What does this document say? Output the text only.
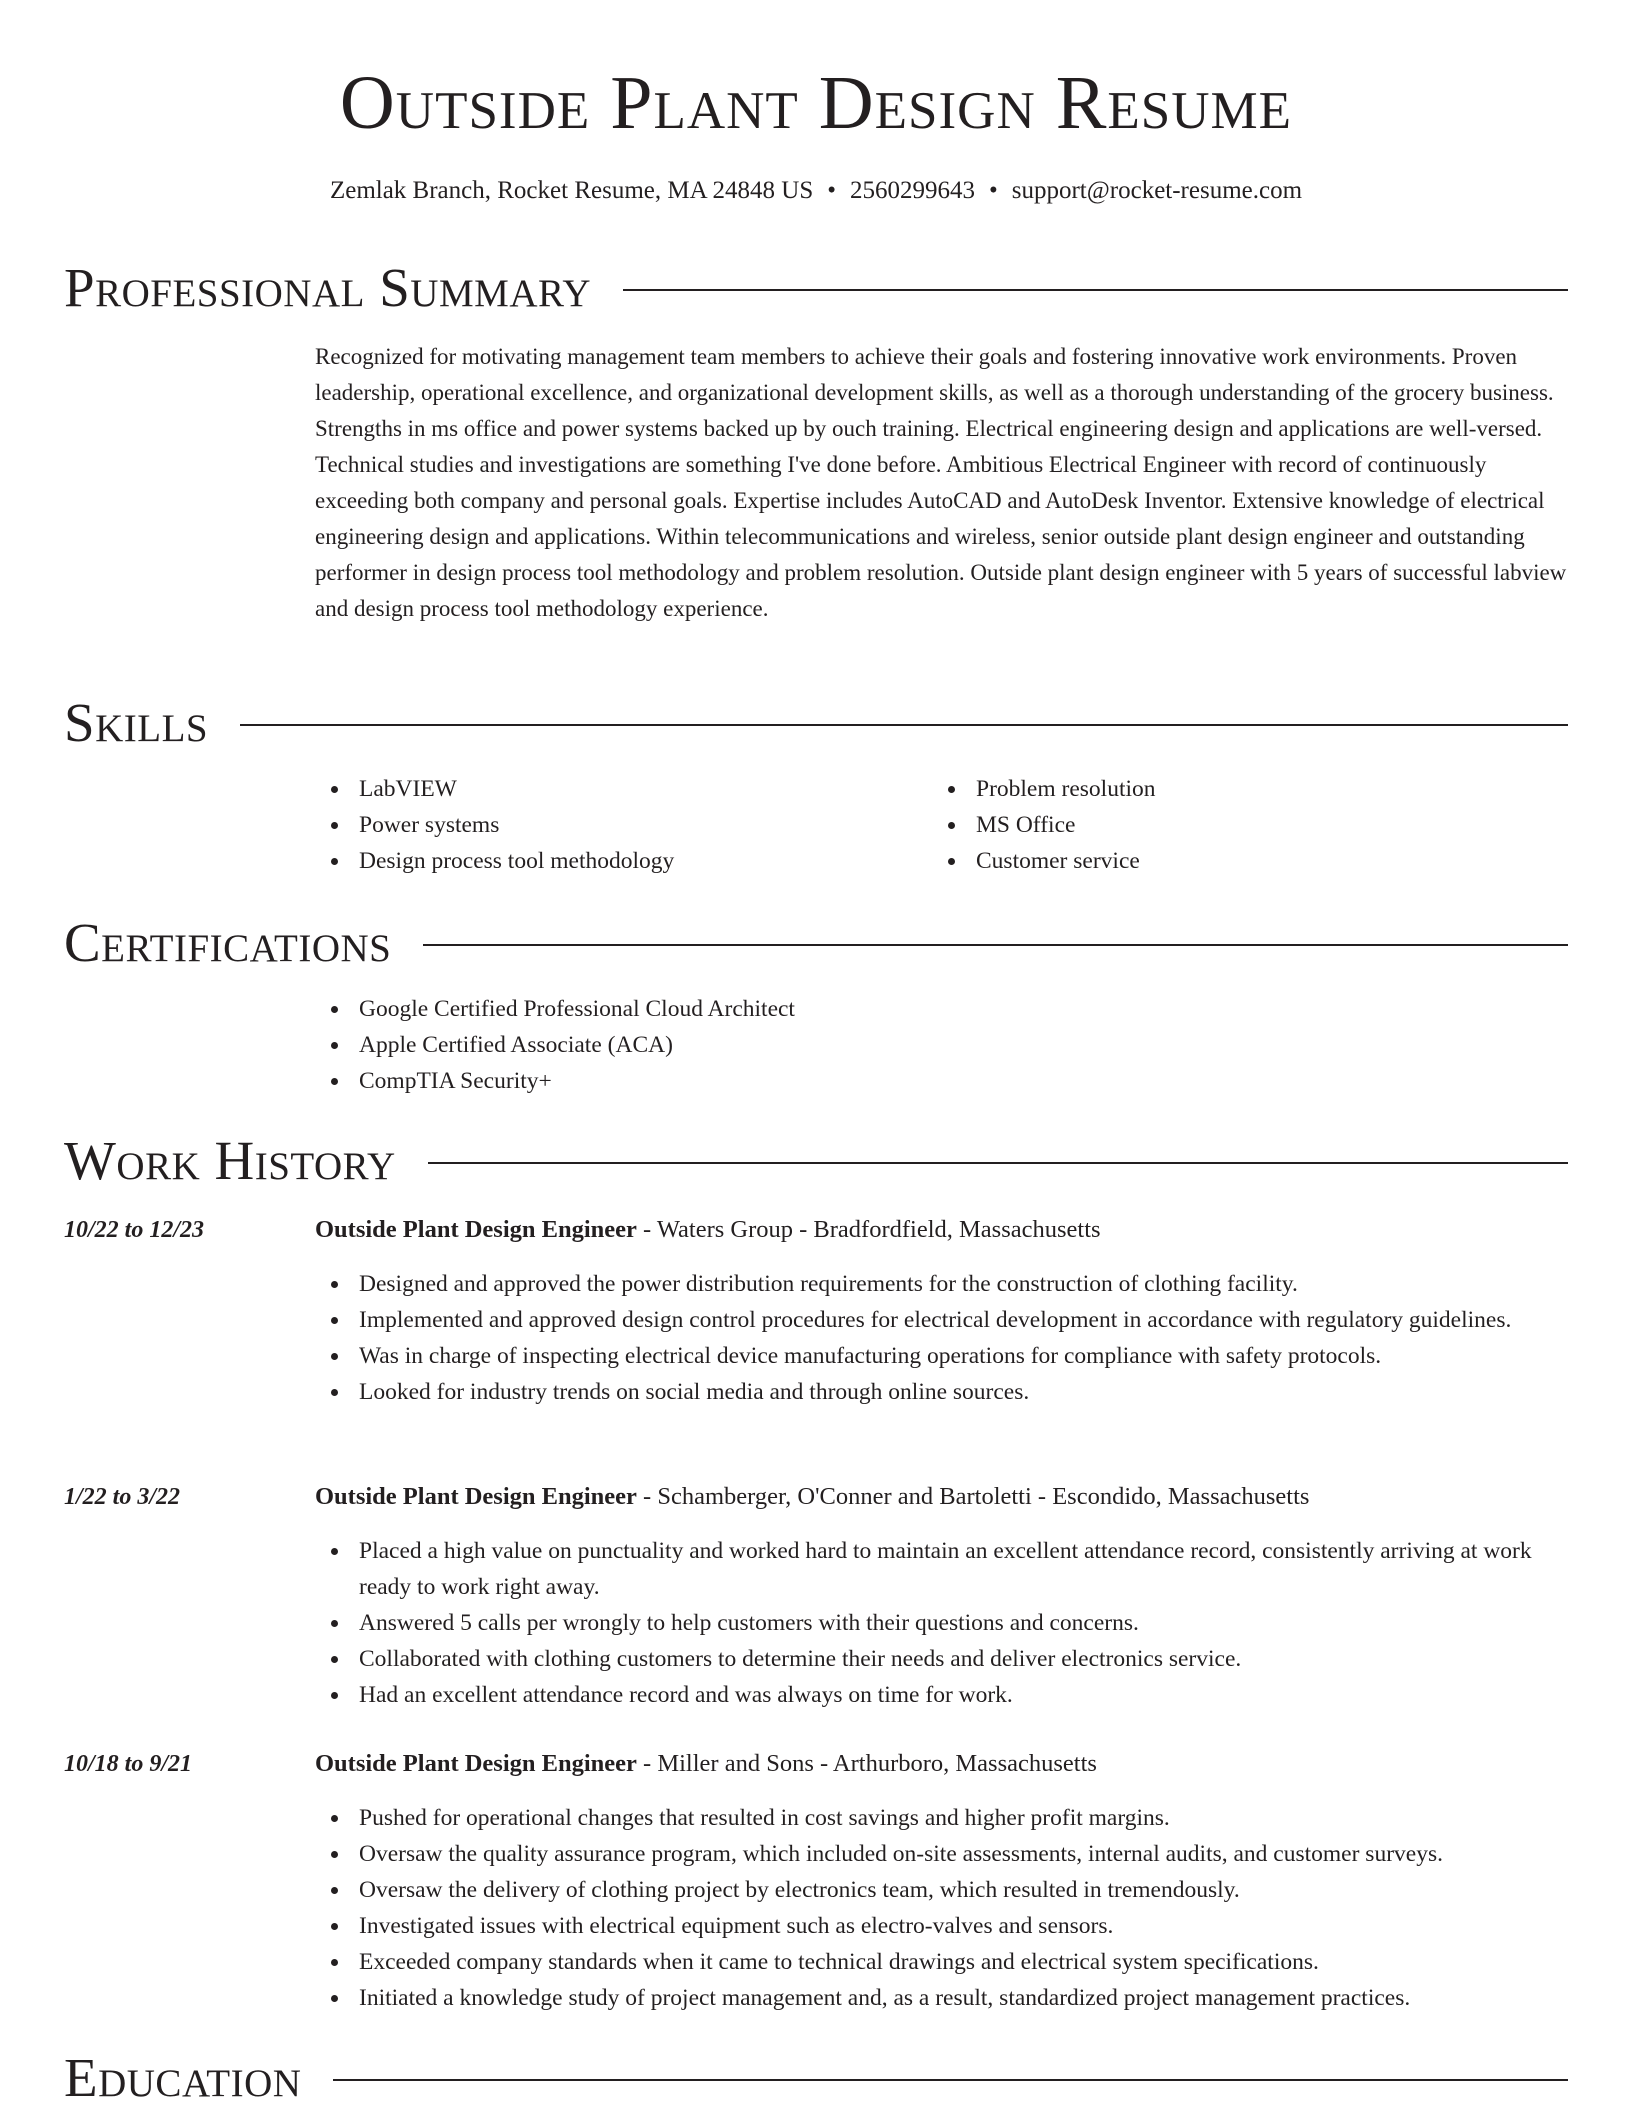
Outside Plant Design Resume
Zemlak Branch, Rocket Resume, MA 24848 US • 2560299643 • support@rocket-resume.com
Professional Summary

Recognized for motivating management team members to achieve their goals and fostering innovative work environments. Proven leadership, operational excellence, and organizational development skills, as well as a thorough understanding of the grocery business. Strengths in ms office and power systems backed up by ouch training. Electrical engineering design and applications are well-versed. Technical studies and investigations are something I've done before. Ambitious Electrical Engineer with record of continuously exceeding both company and personal goals. Expertise includes AutoCAD and AutoDesk Inventor. Extensive knowledge of electrical engineering design and applications. Within telecommunications and wireless, senior outside plant design engineer and outstanding performer in design process tool methodology and problem resolution. Outside plant design engineer with 5 years of successful labview and design process tool methodology experience.

Skills
LabVIEW
Power systems
Design process tool methodology
Problem resolution
MS Office
Customer service
Certifications
Google Certified Professional Cloud Architect
Apple Certified Associate (ACA)
CompTIA Security+
Work History
10/22 to 12/23	Outside Plant Design Engineer - Waters Group - Bradfordfield, Massachusetts
Designed and approved the power distribution requirements for the construction of clothing facility.
Implemented and approved design control procedures for electrical development in accordance with regulatory guidelines.
Was in charge of inspecting electrical device manufacturing operations for compliance with safety protocols.
Looked for industry trends on social media and through online sources.
1/22 to 3/22	Outside Plant Design Engineer - Schamberger, O'Conner and Bartoletti - Escondido, Massachusetts
Placed a high value on punctuality and worked hard to maintain an excellent attendance record, consistently arriving at work ready to work right away.
Answered 5 calls per wrongly to help customers with their questions and concerns.
Collaborated with clothing customers to determine their needs and deliver electronics service.
Had an excellent attendance record and was always on time for work.
10/18 to 9/21	Outside Plant Design Engineer - Miller and Sons - Arthurboro, Massachusetts
Pushed for operational changes that resulted in cost savings and higher profit margins.
Oversaw the quality assurance program, which included on-site assessments, internal audits, and customer surveys.
Oversaw the delivery of clothing project by electronics team, which resulted in tremendously.
Investigated issues with electrical equipment such as electro-valves and sensors.
Exceeded company standards when it came to technical drawings and electrical system specifications.
Initiated a knowledge study of project management and, as a result, standardized project management practices.
Education
